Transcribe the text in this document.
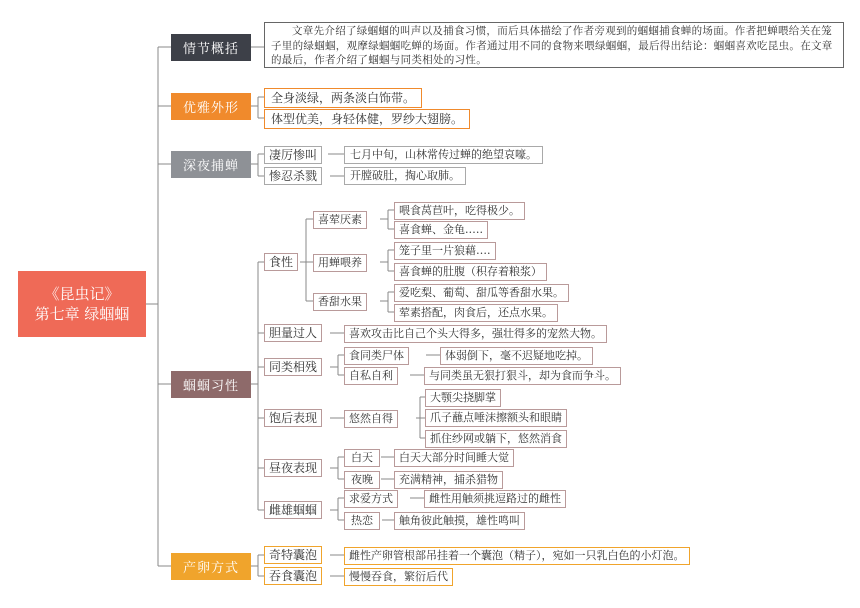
《昆虫记》
第七章 绿蝈蝈
情节概括
文章先介绍了绿蝈蝈的叫声以及捕食习惯，而后具体描绘了作者旁观到的蝈蝈捕食蝉的场面。作者把蝉喂给关在笼子里的绿蝈蝈，观摩绿蝈蝈吃蝉的场面。作者通过用不同的食物来喂绿蝈蝈，最后得出结论：蝈蝈喜欢吃昆虫。在文章的最后，作者介绍了蝈蝈与同类相处的习性。
优雅外形
全身淡绿，两条淡白饰带。
体型优美，身轻体健，罗纱大翅膀。
深夜捕蝉
凄厉惨叫
惨忍杀戮
七月中旬，山林常传过蝉的绝望哀嚎。
开膛破肚，掏心取肺。
蝈蝈习性
食性
喜荤厌素
用蝉喂养
香甜水果
喂食莴苣叶，吃得极少。
喜食蝉、金龟.….
笼子里一片狼藉….
喜食蝉的肚腹（积存着粮浆）
爱吃梨、葡萄、甜瓜等香甜水果。
荤素搭配，肉食后，还点水果。
胆量过人	喜欢攻击比自己个头大得多，强壮得多的宠然大物。
同类相残
食同类尸体
自私自利
体弱倒下，毫不迟疑地吃掉。
与同类虽无狠打狠斗，却为食而争斗。
饱后表现	悠然自得
大颚尖挠脚掌
爪子蘸点唾沫擦额头和眼睛
抓住纱网或躺下，悠然消食
昼夜表现
白天
夜晚
白天大部分时间睡大觉
充满精神，捕杀猎物
雌雄蝈蝈
求爱方式
热恋
雌性用触须挑逗路过的雌性
触角彼此触摸，雄性鸣叫
产卵方式
奇特囊泡
吞食囊泡
雌性产卵管根部吊挂着一个囊泡（精子），宛如一只乳白色的小灯泡。
慢慢吞食，繁衍后代
